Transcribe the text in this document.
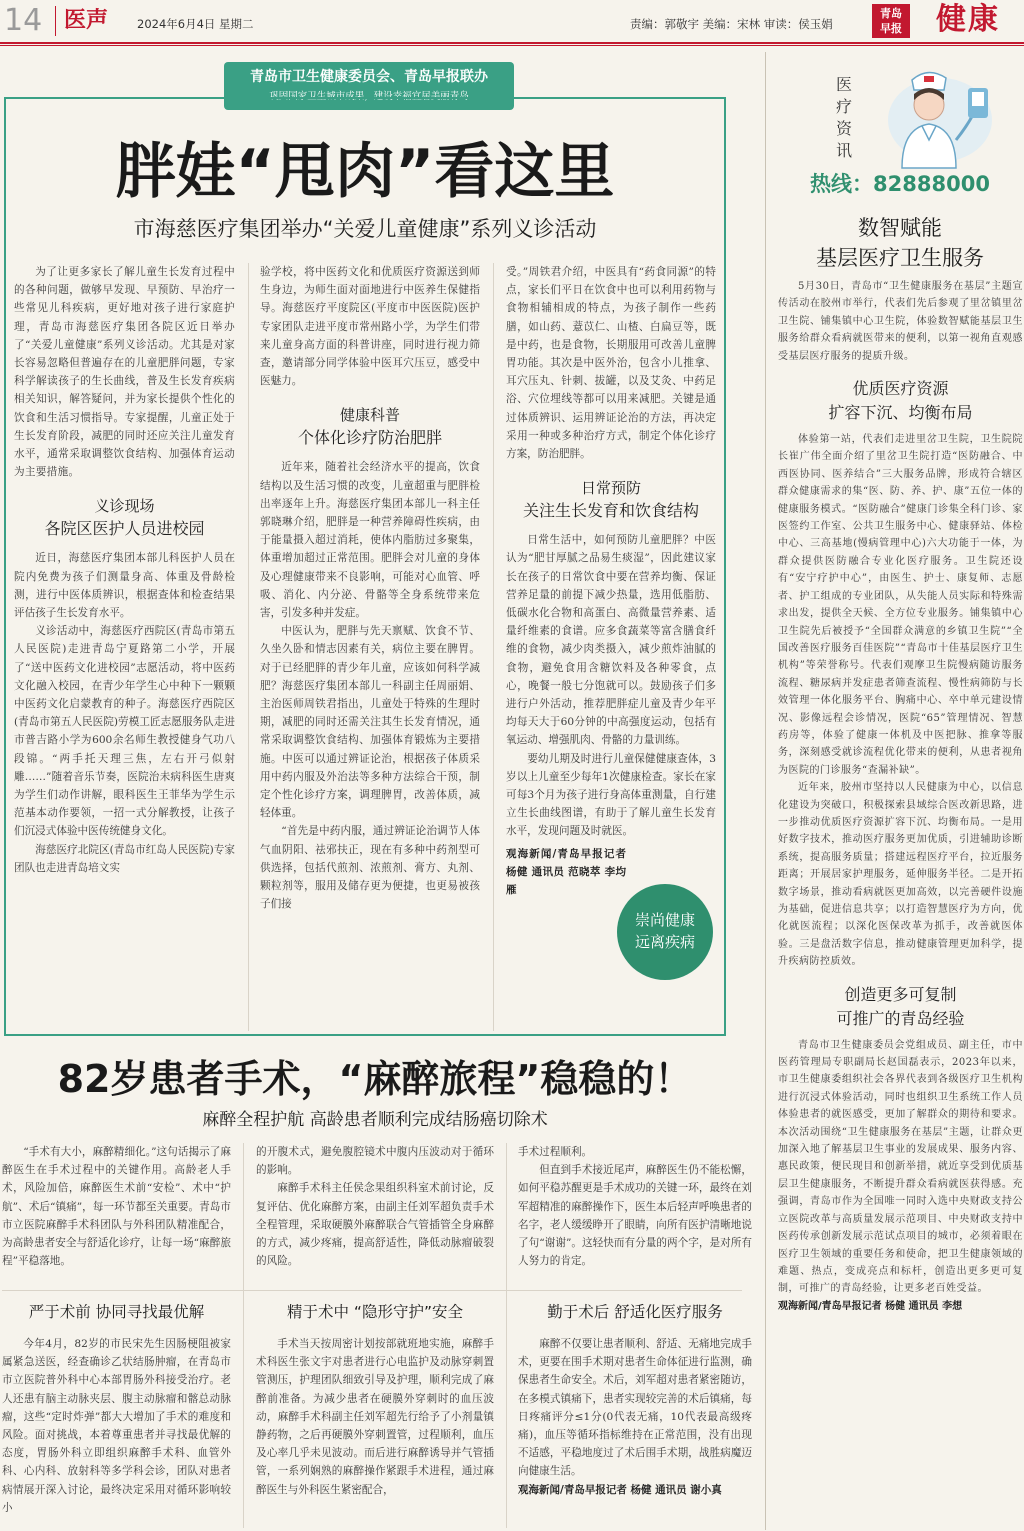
14 医声	2024年6月4日 星期二	责编：郭敬宇 美编：宋林 审读：侯玉娟
青岛
早报 健康
青岛市卫生健康委员会、青岛早报联办
巩固国家卫生城市成果，建设幸福宜居美丽青岛
胖娃“甩肉”看这里
市海慈医疗集团举办“关爱儿童健康”系列义诊活动
为了让更多家长了解儿童生长发育过程中的各种问题，做够早发现、早预防、早治疗一些常见儿科疾病，更好地对孩子进行家庭护理，青岛市海慈医疗集团各院区近日举办了“关爱儿童健康”系列义诊活动。尤其是对家长容易忽略但普遍存在的儿童肥胖问题，专家科学解读孩子的生长曲线，普及生长发育疾病相关知识，解答疑问，并为家长提供个性化的饮食和生活习惯指导。专家提醒，儿童正处于生长发育阶段，减肥的同时还应关注儿童发育水平，通常采取调整饮食结构、加强体育运动为主要措施。
义诊现场
各院区医护人员进校园
近日，海慈医疗集团本部儿科医护人员在院内免费为孩子们测量身高、体重及骨龄检测，进行中医体质辨识，根据查体和检查结果评估孩子生长发育水平。
义诊活动中，海慈医疗西院区(青岛市第五人民医院)走进青岛宁夏路第二小学，开展了“送中医药文化进校园”志愿活动，将中医药文化融入校园，在青少年学生心中种下一颗颗中医药文化启蒙教育的种子。海慈医疗西院区(青岛市第五人民医院)劳模工匠志愿服务队走进市普吉路小学为600余名师生教授健身气功八段锦。“两手托天理三焦，左右开弓似射雕……”随着音乐节奏，医院治未病科医生唐爽为学生们动作讲解，眼科医生王菲华为学生示范基本动作要领，一招一式分解教授，让孩子们沉浸式体验中医传统健身文化。
海慈医疗北院区(青岛市红岛人民医院)专家团队也走进青岛培文实
验学校，将中医药文化和优质医疗资源送到师生身边，为师生面对面地进行中医养生保健指导。海慈医疗平度院区(平度市中医医院)医护专家团队走进平度市常州路小学，为学生们带来儿童身高方面的科普讲座，同时进行视力筛查，邀请部分同学体验中医耳穴压豆，感受中医魅力。
健康科普
个体化诊疗防治肥胖
近年来，随着社会经济水平的提高，饮食结构以及生活习惯的改变，儿童超重与肥胖检出率逐年上升。海慈医疗集团本部儿一科主任郭晓琳介绍，肥胖是一种营养障碍性疾病，由于能量摄入超过消耗，使体内脂肪过多聚集，体重增加超过正常范围。肥胖会对儿童的身体及心理健康带来不良影响，可能对心血管、呼吸、消化、内分泌、骨骼等全身系统带来危害，引发多种并发症。
中医认为，肥胖与先天禀赋、饮食不节、久坐久卧和情志因素有关，病位主要在脾胃。对于已经肥胖的青少年儿童，应该如何科学减肥？海慈医疗集团本部儿一科副主任周丽娟、主治医师周铁君指出，儿童处于特殊的生理时期，减肥的同时还需关注其生长发育情况，通常采取调整饮食结构、加强体育锻炼为主要措施。中医可以通过辨证论治，根据孩子体质采用中药内服及外治法等多种方法综合干预，制定个性化诊疗方案，调理脾胃，改善体质，减轻体重。
“首先是中药内服，通过辨证论治调节人体气血阴阳、祛邪扶正，现在有多种中药剂型可供选择，包括代煎剂、浓煎剂、膏方、丸剂、颗粒剂等，服用及储存更为便捷，也更易被孩子们接
受。”周铁君介绍，中医具有“药食同源”的特点，家长们平日在饮食中也可以利用药物与食物相辅相成的特点，为孩子制作一些药膳，如山药、薏苡仁、山楂、白扁豆等，既是中药，也是食物，长期服用可改善儿童脾胃功能。其次是中医外治，包含小儿推拿、耳穴压丸、针刺、拔罐，以及艾灸、中药足浴、穴位埋线等都可以用来减肥。关键是通过体质辨识、运用辨证论治的方法，再决定采用一种或多种治疗方式，制定个体化诊疗方案，防治肥胖。
日常预防
关注生长发育和饮食结构
日常生活中，如何预防儿童肥胖？中医认为“肥甘厚腻之品易生痰湿”，因此建议家长在孩子的日常饮食中要在营养均衡、保证营养足量的前提下减少热量，选用低脂肪、低碳水化合物和高蛋白、高微量营养素、适量纤维素的食谱。应多食蔬菜等富含膳食纤维的食物，减少肉类摄入，减少煎炸油腻的食物，避免食用含糖饮料及各种零食，点心，晚餐一般七分饱就可以。鼓励孩子们多进行户外活动，推荐肥胖症儿童及青少年平均每天大于60分钟的中高强度运动，包括有氧运动、增强肌肉、骨骼的力量训练。
要幼儿期及时进行儿童保健健康查体，3岁以上儿童至少每年1次健康检查。家长在家可每3个月为孩子进行身高体重测量，自行建立生长曲线图谱，有助于了解儿童生长发育水平，发现问题及时就医。
观海新闻/青岛早报记者 杨健 通讯员 范晓萃 李均雁
崇尚健康
远离疾病
82岁患者手术，“麻醉旅程”稳稳的！
麻醉全程护航 高龄患者顺利完成结肠癌切除术
“手术有大小，麻醉精细化。”这句话揭示了麻醉医生在手术过程中的关键作用。高龄老人手术，风险加倍，麻醉医生术前“安检”、术中“护航”、术后“镇痛”，每一环节都至关重要。青岛市市立医院麻醉手术科团队与外科团队精准配合，为高龄患者安全与舒适化诊疗，让每一场“麻醉旅程”平稳落地。
严于术前 协同寻找最优解
今年4月，82岁的市民宋先生因肠梗阻被家属紧急送医，经查确诊乙状结肠肿瘤，在青岛市市立医院普外科中心本部胃肠外科接受治疗。老人还患有脑主动脉夹层、腹主动脉瘤和髂总动脉瘤，这些“定时炸弹”都大大增加了手术的难度和风险。面对挑战，本着尊重患者并寻找最优解的态度，胃肠外科立即组织麻醉手术科、血管外科、心内科、放射科等多学科会诊，团队对患者病情展开深入讨论，最终决定采用对循环影响较小
的开腹术式，避免腹腔镜术中腹内压波动对于循环的影响。
麻醉手术科主任侯念果组织科室术前讨论，反复评估、优化麻醉方案，由副主任刘军超负责手术全程管理，采取硬膜外麻醉联合气管插管全身麻醉的方式，减少疼痛，提高舒适性，降低动脉瘤破裂的风险。
精于术中 “隐形守护”安全
手术当天按周密计划按部就班地实施，麻醉手术科医生张文宇对患者进行心电监护及动脉穿刺置管测压，护理团队细致引导及护理，顺利完成了麻醉前准备。为减少患者在硬膜外穿刺时的血压波动，麻醉手术科副主任刘军超先行给予了小剂量镇静药物，之后再硬膜外穿刺置管，过程顺利，血压及心率几乎未见波动。而后进行麻醉诱导并气管插管，一系列娴熟的麻醉操作紧跟手术进程，通过麻醉医生与外科医生紧密配合，
手术过程顺利。
但直到手术接近尾声，麻醉医生仍不能松懈，如何平稳苏醒更是手术成功的关键一环，最终在刘军超精准的麻醉操作下，医生本后轻声呼唤患者的名字，老人缓缓睁开了眼睛，向所有医护清晰地说了句“谢谢”。这轻快而有分量的两个字，是对所有人努力的肯定。
勤于术后 舒适化医疗服务
麻醉不仅要让患者顺利、舒适、无痛地完成手术，更要在围手术期对患者生命体征进行监测，确保患者生命安全。术后，刘军超对患者紧密随访，在多模式镇痛下，患者实现较完善的术后镇痛，每日疼痛评分≤1分(0代表无痛，10代表最高级疼痛)，血压等循环指标维持在正常范围，没有出现不适感，平稳地度过了术后围手术期，战胜病魔迈向健康生活。
观海新闻/青岛早报记者 杨健 通讯员 谢小真
医疗资讯
热线：82888000
数智赋能
基层医疗卫生服务
5月30日，青岛市“卫生健康服务在基层”主题宣传活动在胶州市举行，代表们先后参观了里岔镇里岔卫生院、铺集镇中心卫生院，体验数智赋能基层卫生服务给群众看病就医带来的便利，以第一视角直观感受基层医疗服务的提质升级。
优质医疗资源
扩容下沉、均衡布局
体验第一站，代表们走进里岔卫生院，卫生院院长崔广伟全面介绍了里岔卫生院打造“医防融合、中西医协同、医养结合”三大服务品牌，形成符合辖区群众健康需求的集“医、防、养、护、康”五位一体的健康服务模式。“医防融合”健康门诊集全科门诊、家医签约工作室、公共卫生服务中心、健康驿站、体检中心、三高基地(慢病管理中心)六大功能于一体，为群众提供医防融合专业化医疗服务。卫生院还设有“安宁疗护中心”，由医生、护士、康复师、志愿者、护工组成的专业团队，从失能人员实际和特殊需求出发，提供全天候、全方位专业服务。铺集镇中心卫生院先后被授予“全国群众满意的乡镇卫生院”“全国改善医疗服务百佳医院”“青岛市十佳基层医疗卫生机构”等荣誉称号。代表们观摩卫生院慢病随访服务流程、糖尿病并发症患者筛查流程、慢性病筛防与长效管理一体化服务平台、胸痛中心、卒中单元建设情况、影像远程会诊情况，医院“65”管理情况、智慧药房等，体验了健康一体机及中医把脉、推拿等服务，深刻感受就诊流程优化带来的便利，从患者视角为医院的门诊服务“查漏补缺”。
近年来，胶州市坚持以人民健康为中心，以信息化建设为突破口，积极探索县域综合医改新思路，进一步推动优质医疗资源扩容下沉、均衡布局。一是用好数字技术，推动医疗服务更加优质，引进辅助诊断系统，提高服务质量；搭建远程医疗平台，拉近服务距离；开展居家护理服务，延伸服务半径。二是开拓数字场景，推动看病就医更加高效，以完善硬件设施为基础，促进信息共享；以打造智慧医疗为方向，优化就医流程；以深化医保改革为抓手，改善就医体验。三是盘活数字信息，推动健康管理更加科学，提升疾病防控质效。
创造更多可复制
可推广的青岛经验
青岛市卫生健康委员会党组成员、副主任，市中医药管理局专职副局长赵国磊表示，2023年以来，市卫生健康委组织社会各界代表到各级医疗卫生机构进行沉浸式体验活动，同时也组织卫生系统工作人员体验患者的就医感受，更加了解群众的期待和要求。本次活动围绕“卫生健康服务在基层”主题，让群众更加深入地了解基层卫生事业的发展成果、服务内容、惠民政策，便民现目和创新举措，就近享受到优质基层卫生健康服务，不断提升群众看病就医获得感。充强调，青岛市作为全国唯一同时入选中央财政支持公立医院改革与高质量发展示范项目、中央财政支持中医药传承创新发展示范试点项目的城市，必须着眼在医疗卫生领域的重要任务和使命，把卫生健康领域的难题、热点，变成亮点和标杆，创造出更多更可复制，可推广的青岛经验，让更多老百姓受益。
观海新闻/青岛早报记者 杨健 通讯员 李想
